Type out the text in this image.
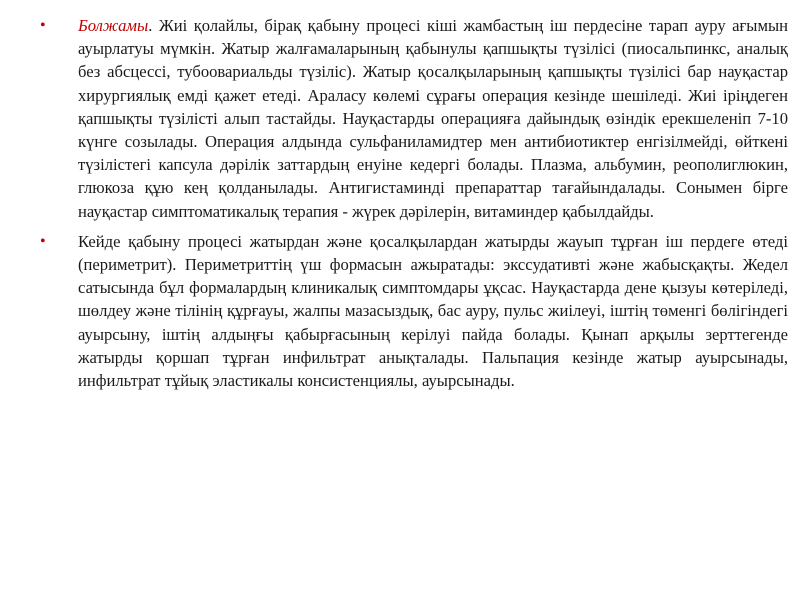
• Болжамы. Жиі қолайлы, бірақ қабыну процесі кіші жамбастың іш пердесіне тарап ауру ағымын ауырлатуы мүмкін. Жатыр жалғамаларының қабынулы қапшықты түзілісі (пиосальпинкс, аналық без абсцессі, тубоовариальды түзіліс). Жатыр қосалқыларының қапшықты түзілісі бар науқастар хирургиялық емді қажет етеді. Араласу көлемі сұрағы операция кезінде шешіледі. Жиі іріңдеген қапшықты түзілісті алып тастайды. Науқастарды операцияға дайындық өзіндік ерекшеленіп 7-10 күнге созылады. Операция алдында сульфаниламидтер мен антибиотиктер енгізілмейді, өйткені түзілістегі капсула дәрілік заттардың енуіне кедергі болады. Плазма, альбумин, реополиглюкин, глюкоза құю кең қолданылады. Антигистаминді препараттар тағайындалады. Сонымен бірге науқастар симптоматикалық терапия - жүрек дәрілерін, витаминдер қабылдайды.
• Кейде қабыну процесі жатырдан және қосалқылардан жатырды жауып тұрған іш пердеге өтеді (периметрит). Периметриттің үш формасын ажыратады: экссудативті және жабысқақты. Жедел сатысында бұл формалардың клиникалық симптомдары ұқсас. Науқастарда дене қызуы көтеріледі, шөлдеу және тілінің құрғауы, жалпы мазасыздық, бас ауру, пульс жиілеуі, іштің төменгі бөлігіндегі ауырсыну, іштің алдыңғы қабырғасының керілуі пайда болады. Қынап арқылы зерттегенде жатырды қоршап тұрған инфильтрат анықталады. Пальпация кезінде жатыр ауырсынады, инфильтрат тұйық эластикалы консистенциялы, ауырсынады.
